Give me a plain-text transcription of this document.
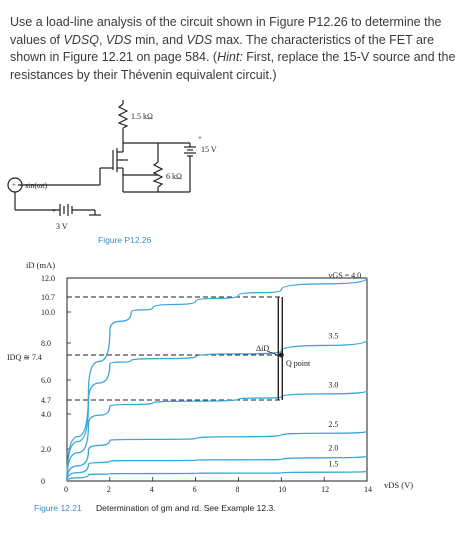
Use a load-line analysis of the circuit shown in Figure P12.26 to determine the values of VDSQ, VDS min, and VDS max. The characteristics of the FET are shown in Figure 12.21 on page 584. (Hint: First, replace the 15-V source and the resistances by their Thévenin equivalent circuit.)
1.5 kΩ
6 kΩ
15 V
+
sin(ωt)
+
3 V
+
Figure P12.26
0	2	4	6	8	10	12	14
0
2.0
4.0
4.7
6.0
8.0
10.0
10.7
12.0	vGS = 4.0
3.5
3.0
2.5
2.0
1.5
iD (mA)
vDS (V)
IDQ ≅ 7.4
ΔiD
Q point
Figure 12.21 Determination of gm and rd. See Example 12.3.
